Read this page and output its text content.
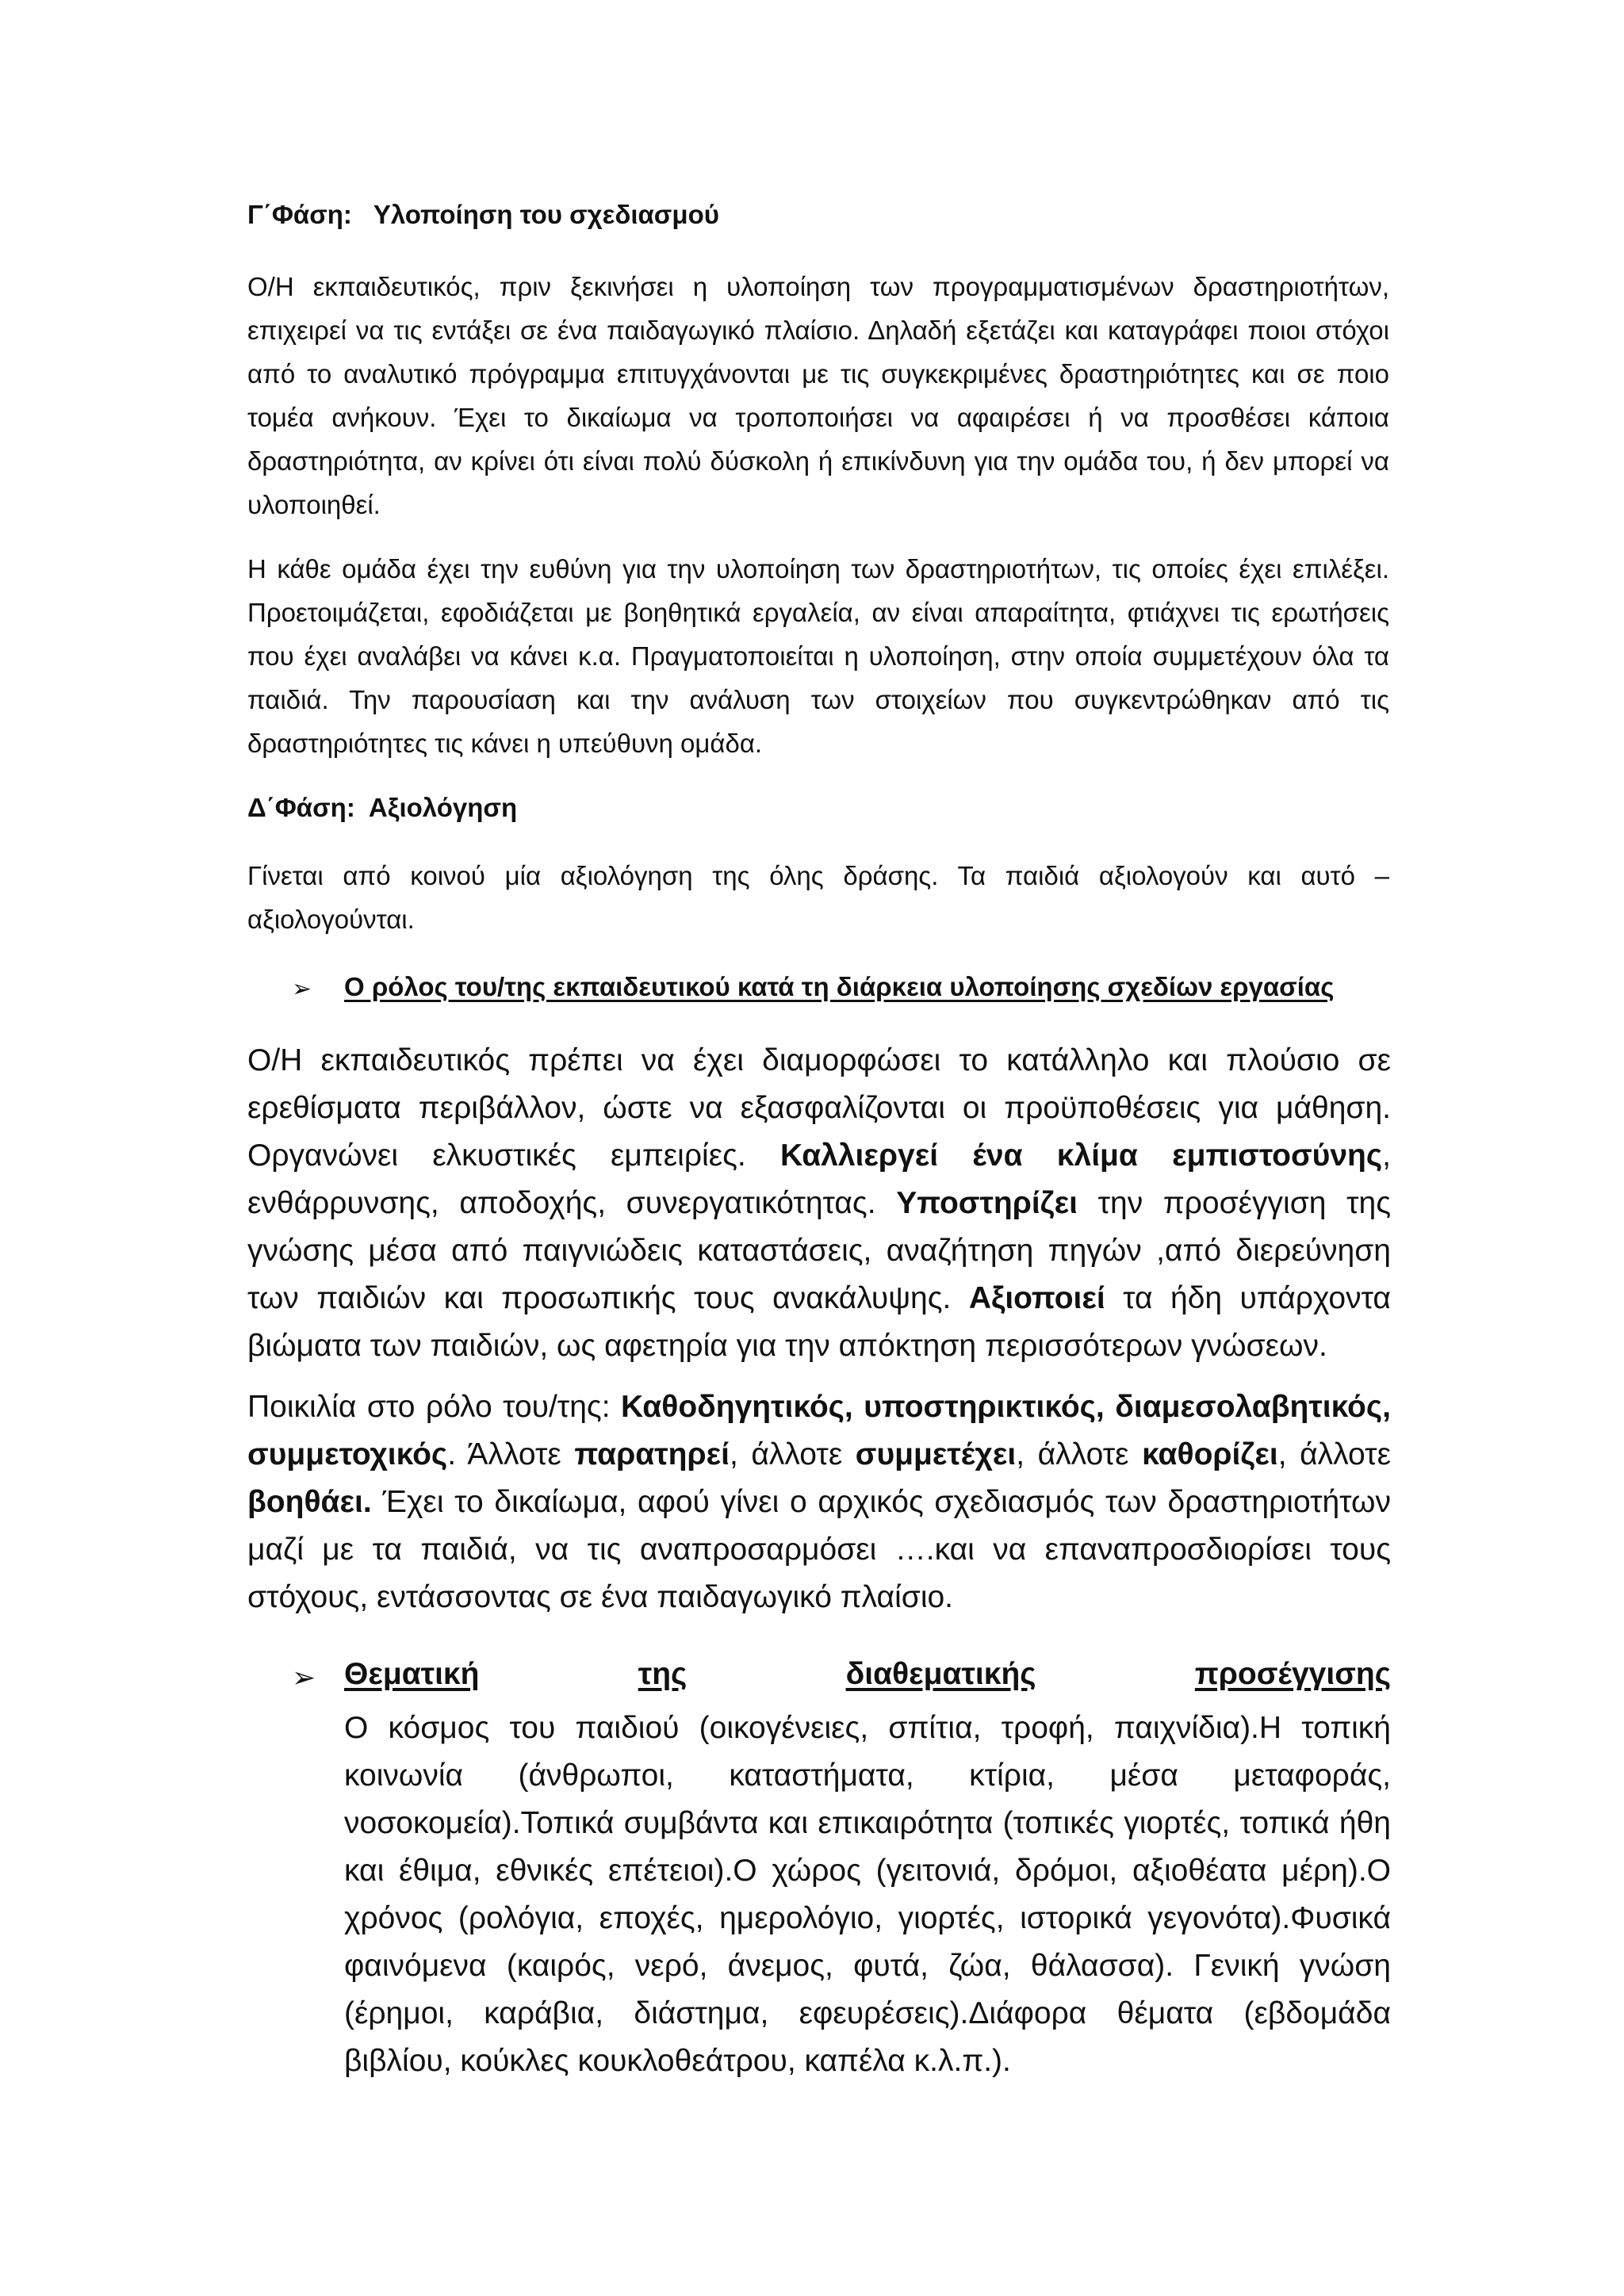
Γ΄Φάση:   Υλοποίηση του σχεδιασμού

Ο/Η εκπαιδευτικός, πριν ξεκινήσει η υλοποίηση των προγραμματισμένων δραστηριοτήτων, επιχειρεί να τις εντάξει σε ένα παιδαγωγικό πλαίσιο. Δηλαδή εξετάζει και καταγράφει ποιοι στόχοι από το αναλυτικό πρόγραμμα επιτυγχάνονται με τις συγκεκριμένες δραστηριότητες και σε ποιο τομέα ανήκουν. Έχει το δικαίωμα να τροποποιήσει να αφαιρέσει ή να προσθέσει κάποια δραστηριότητα, αν κρίνει ότι είναι πολύ δύσκολη ή επικίνδυνη για την ομάδα του, ή δεν μπορεί να υλοποιηθεί.

Η κάθε ομάδα έχει την ευθύνη για την υλοποίηση των δραστηριοτήτων, τις οποίες έχει επιλέξει. Προετοιμάζεται, εφοδιάζεται με βοηθητικά εργαλεία, αν είναι απαραίτητα, φτιάχνει τις ερωτήσεις που έχει αναλάβει να κάνει κ.α. Πραγματοποιείται η υλοποίηση, στην οποία συμμετέχουν όλα τα παιδιά. Την παρουσίαση και την ανάλυση των στοιχείων που συγκεντρώθηκαν από τις δραστηριότητες τις κάνει η υπεύθυνη ομάδα.

Δ΄Φάση:  Αξιολόγηση

Γίνεται από κοινού μία αξιολόγηση της όλης δράσης. Τα παιδιά αξιολογούν και αυτό – αξιολογούνται.

➢ Ο ρόλος του/της εκπαιδευτικού κατά τη διάρκεια υλοποίησης σχεδίων εργασίας

Ο/Η εκπαιδευτικός πρέπει να έχει διαμορφώσει το κατάλληλο και πλούσιο σε ερεθίσματα περιβάλλον, ώστε να εξασφαλίζονται οι προϋποθέσεις για μάθηση. Οργανώνει ελκυστικές εμπειρίες. Καλλιεργεί ένα κλίμα εμπιστοσύνης, ενθάρρυνσης, αποδοχής, συνεργατικότητας. Υποστηρίζει την προσέγγιση της γνώσης μέσα από παιγνιώδεις καταστάσεις, αναζήτηση πηγών ,από διερεύνηση των παιδιών και προσωπικής τους ανακάλυψης. Αξιοποιεί τα ήδη υπάρχοντα βιώματα των παιδιών, ως αφετηρία για την απόκτηση περισσότερων γνώσεων.

Ποικιλία στο ρόλο του/της: Καθοδηγητικός, υποστηρικτικός, διαμεσολαβητικός, συμμετοχικός. Άλλοτε παρατηρεί, άλλοτε συμμετέχει, άλλοτε καθορίζει, άλλοτε βοηθάει. Έχει το δικαίωμα, αφού γίνει ο αρχικός σχεδιασμός των δραστηριοτήτων μαζί με τα παιδιά, να τις αναπροσαρμόσει ….και να επαναπροσδιορίσει τους στόχους, εντάσσοντας σε ένα παιδαγωγικό πλαίσιο.

➢ Θεματική	της	διαθεματικής	προσέγγισης

Ο κόσμος του παιδιού (οικογένειες, σπίτια, τροφή, παιχνίδια).Η τοπική κοινωνία (άνθρωποι, καταστήματα, κτίρια, μέσα μεταφοράς, νοσοκομεία).Τοπικά συμβάντα και επικαιρότητα (τοπικές γιορτές, τοπικά ήθη και έθιμα, εθνικές επέτειοι).Ο χώρος (γειτονιά, δρόμοι, αξιοθέατα μέρη).Ο χρόνος (ρολόγια, εποχές, ημερολόγιο, γιορτές, ιστορικά γεγονότα).Φυσικά φαινόμενα (καιρός, νερό, άνεμος, φυτά, ζώα, θάλασσα). Γενική γνώση (έρημοι, καράβια, διάστημα, εφευρέσεις).Διάφορα θέματα (εβδομάδα βιβλίου, κούκλες κουκλοθεάτρου, καπέλα κ.λ.π.).
